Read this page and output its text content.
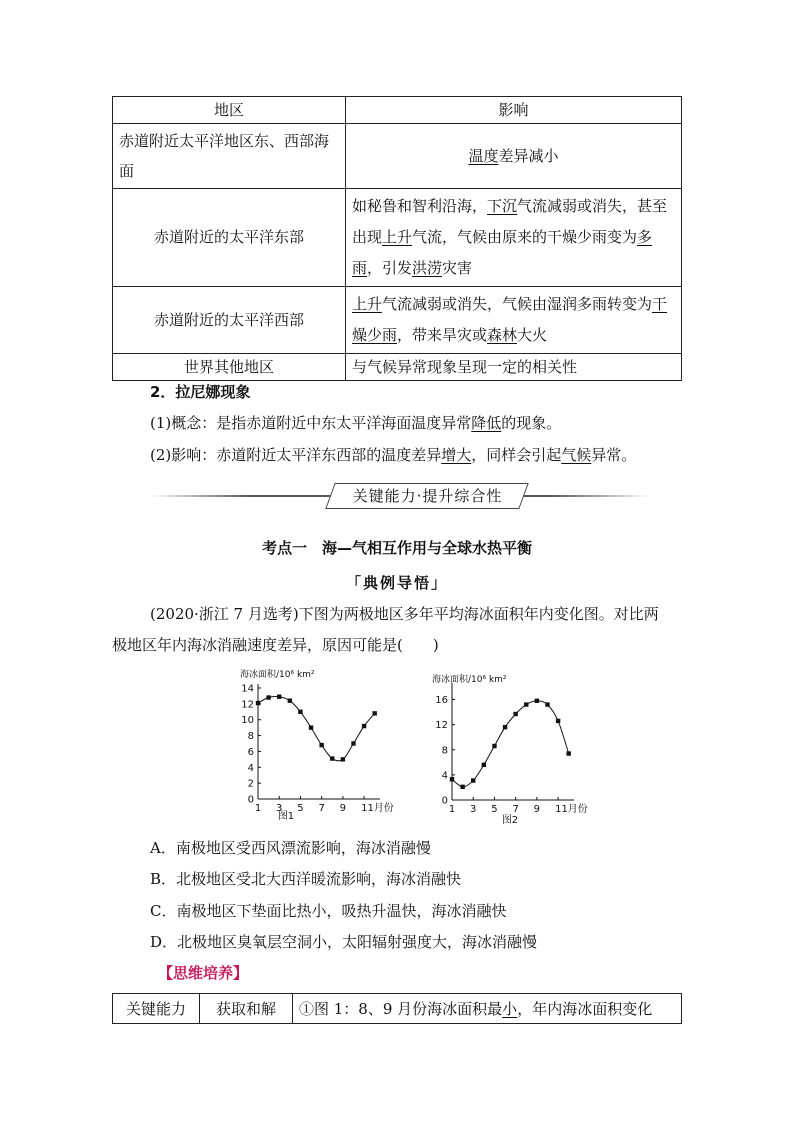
地区	影响
赤道附近太平洋地区东、西部海面	温度差异减小
赤道附近的太平洋东部	如秘鲁和智利沿海，下沉气流减弱或消失，甚至出现上升气流，气候由原来的干燥少雨变为多雨，引发洪涝灾害
赤道附近的太平洋西部	上升气流减弱或消失，气候由湿润多雨转变为干燥少雨，带来旱灾或森林大火
世界其他地区	与气候异常现象呈现一定的相关性
2．拉尼娜现象
(1)概念：是指赤道附近中东太平洋海面温度异常降低的现象。
(2)影响：赤道附近太平洋东西部的温度差异增大，同样会引起气候异常。
关键能力·提升综合性
考点一　海—气相互作用与全球水热平衡
「典例导悟」
(2020·浙江 7 月选考)下图为两极地区多年平均海冰面积年内变化图。对比两
极地区年内海冰消融速度差异，原因可能是(　　)
海冰面积/10⁶ km²
0
2
4
6
8
10
12
14
1 3 5 7 9 11月份
图1
海冰面积/10⁶ km²
0
4
8
12
16
1 3 5 7 9 11月份
图2
A．南极地区受西风漂流影响，海冰消融慢
B．北极地区受北大西洋暖流影响，海冰消融快
C．南极地区下垫面比热小，吸热升温快，海冰消融快
D．北极地区臭氧层空洞小，太阳辐射强度大，海冰消融慢
【思维培养】
关键能力	获取和解	①图 1：8、9 月份海冰面积最小，年内海冰面积变化
